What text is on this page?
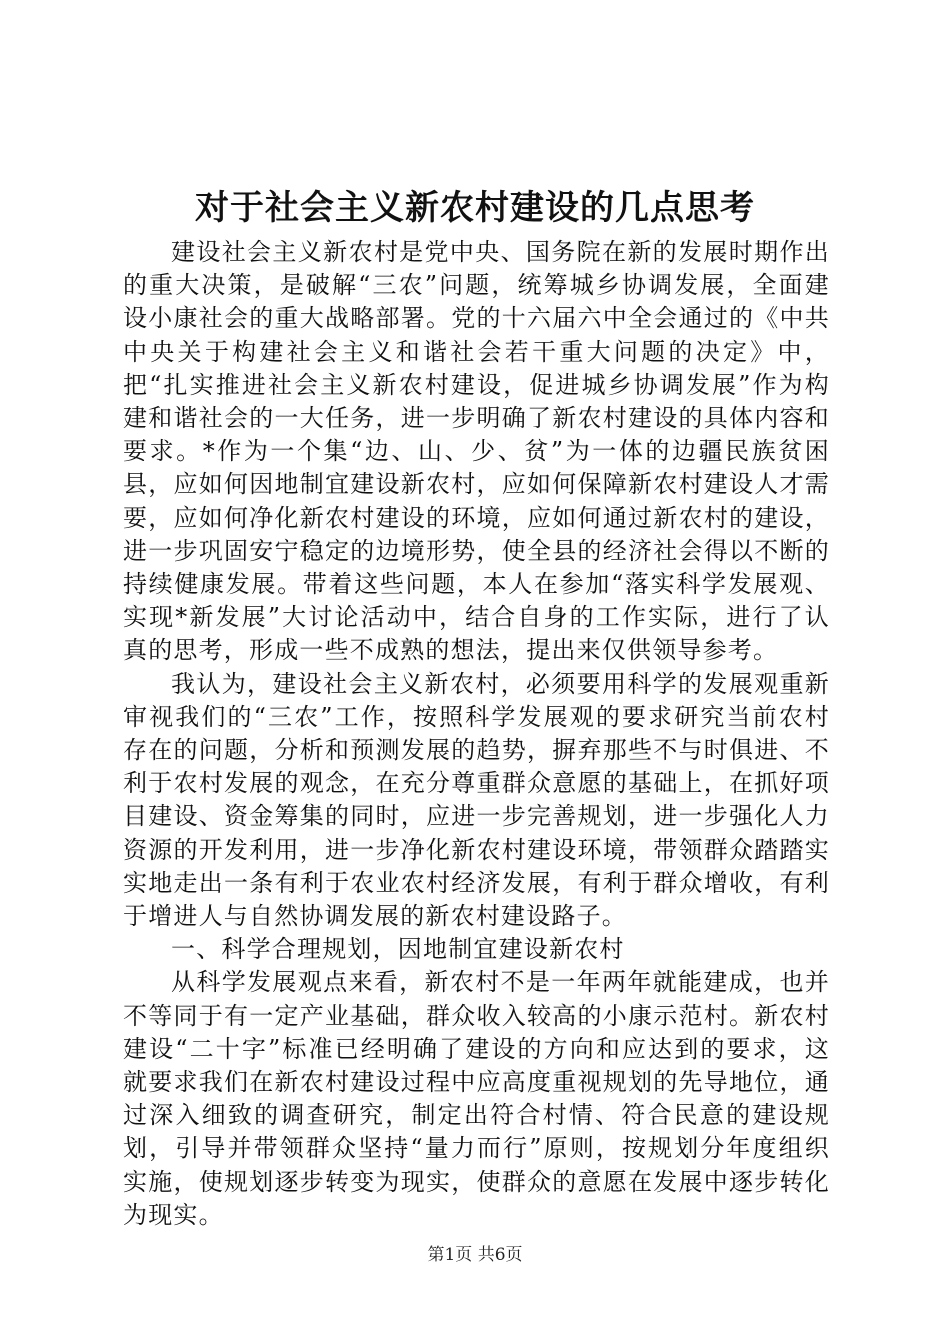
对于社会主义新农村建设的几点思考

建设社会主义新农村是党中央、国务院在新的发展时期作出的重大决策，是破解“三农”问题，统筹城乡协调发展，全面建设小康社会的重大战略部署。党的十六届六中全会通过的《中共中央关于构建社会主义和谐社会若干重大问题的决定》中，把“扎实推进社会主义新农村建设，促进城乡协调发展”作为构建和谐社会的一大任务，进一步明确了新农村建设的具体内容和要求。*作为一个集“边、山、少、贫”为一体的边疆民族贫困县，应如何因地制宜建设新农村，应如何保障新农村建设人才需要，应如何净化新农村建设的环境，应如何通过新农村的建设，进一步巩固安宁稳定的边境形势，使全县的经济社会得以不断的持续健康发展。带着这些问题，本人在参加“落实科学发展观、实现*新发展”大讨论活动中，结合自身的工作实际，进行了认真的思考，形成一些不成熟的想法，提出来仅供领导参考。

我认为，建设社会主义新农村，必须要用科学的发展观重新审视我们的“三农”工作，按照科学发展观的要求研究当前农村存在的问题，分析和预测发展的趋势，摒弃那些不与时俱进、不利于农村发展的观念，在充分尊重群众意愿的基础上，在抓好项目建设、资金筹集的同时，应进一步完善规划，进一步强化人力资源的开发利用，进一步净化新农村建设环境，带领群众踏踏实实地走出一条有利于农业农村经济发展，有利于群众增收，有利于增进人与自然协调发展的新农村建设路子。

一、科学合理规划，因地制宜建设新农村

从科学发展观点来看，新农村不是一年两年就能建成，也并不等同于有一定产业基础，群众收入较高的小康示范村。新农村建设“二十字”标准已经明确了建设的方向和应达到的要求，这就要求我们在新农村建设过程中应高度重视规划的先导地位，通过深入细致的调查研究，制定出符合村情、符合民意的建设规划，引导并带领群众坚持“量力而行”原则，按规划分年度组织实施，使规划逐步转变为现实，使群众的意愿在发展中逐步转化为现实。

第1页 共6页
